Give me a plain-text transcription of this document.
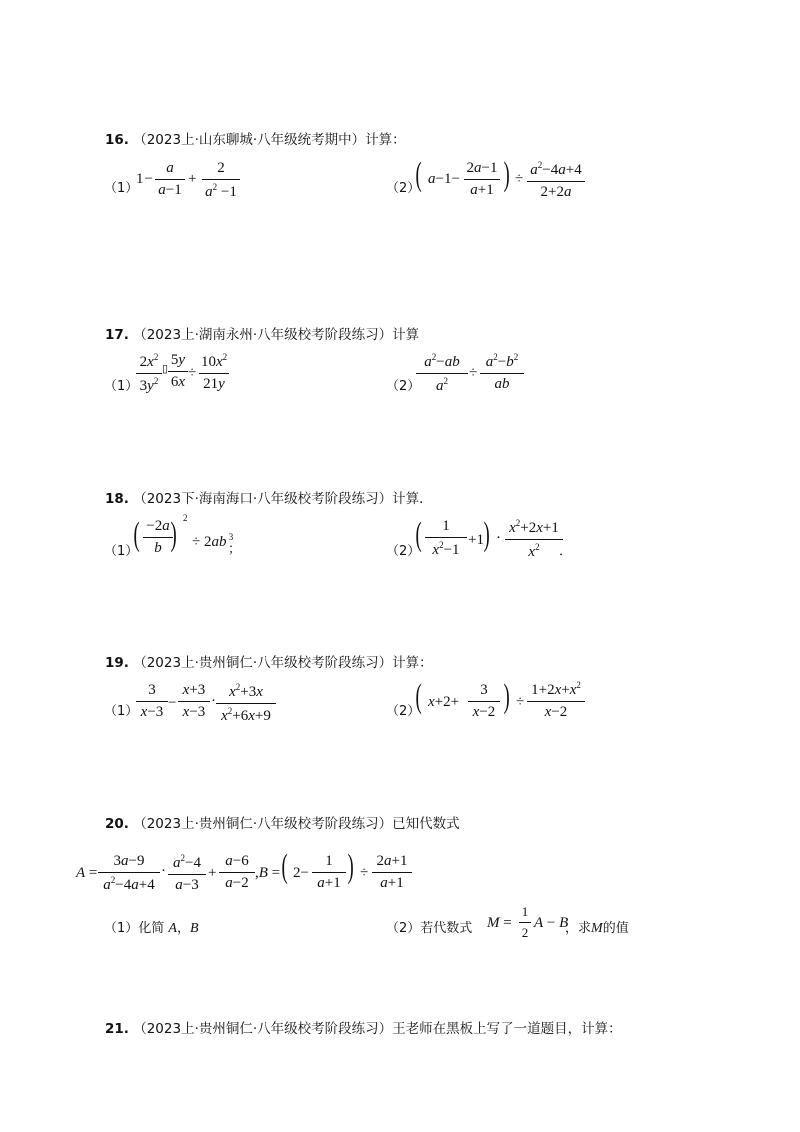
16. （2023上·山东聊城·八年级统考期中）计算：
（1）
1−
a
a−1
+
2
$a^2 -1$	（2）
( a−1−
2a−1
a+1 ) ÷
$a^2-4a+4$
2+2a
17. （2023上·湖南永州·八年级校考阶段练习）计算
（1）
$2x^2$
$3y^2$
▯
5y
6x
÷
$10x^2$
21y	（2）
$a^2-ab$
$a^2$	÷
$a^2-b^2$
ab
18. （2023下·海南海口·八年级校考阶段练习）计算．
（1）
( −2a
b ) $^2$
÷ 2ab $^3$
；	（2）
(	1
$x^2-1$
+1 ) ·
$x^2+2x+1$
$x^2$	．
19. （2023上·贵州铜仁·八年级校考阶段练习）计算：
（1）
3
x−3
−
x+3
x−3
·
$x^2+3x$
$x^2+6x+9$	（2）
( x+2+
3
x−2 ) ÷
$1+2x+x^2$
x−2
20. （2023上·贵州铜仁·八年级校考阶段练习）已知代数式
A =
3a−9
$a^2-4a+4$
· $a^2-4$
a−3
+
a−6
a−2
,B = ( 2−
1
a+1 ) ÷
2a+1
a+1
（1）化简 A，B	（2）若代数式 M =
1
2
A − B
，求M的值
21. （2023上·贵州铜仁·八年级校考阶段练习）王老师在黑板上写了一道题目，计算：
